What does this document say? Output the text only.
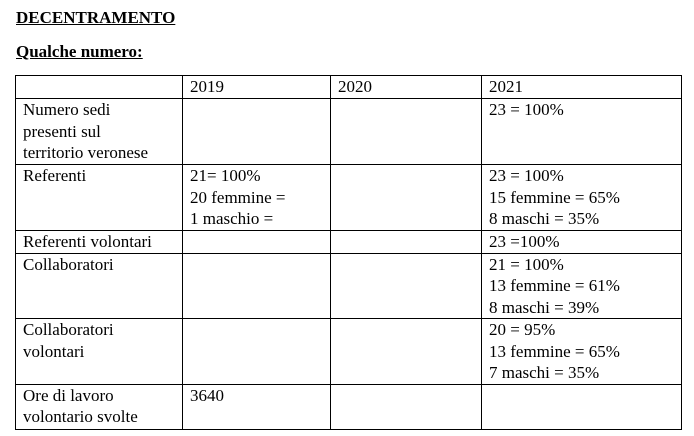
DECENTRAMENTO
Qualche numero:
	2019	2020	2021

Numero sedi
presenti sul
territorio veronese			23 = 100%

Referenti	21= 100%
20 femmine =
1 maschio =		23 = 100%
15 femmine = 65%
8 maschi = 35%

Referenti volontari			23 =100%

Collaboratori			21 = 100%
13 femmine = 61%
8 maschi = 39%

Collaboratori
volontari			20 = 95%
13 femmine = 65%
7 maschi = 35%

Ore di lavoro
volontario svolte	3640		
